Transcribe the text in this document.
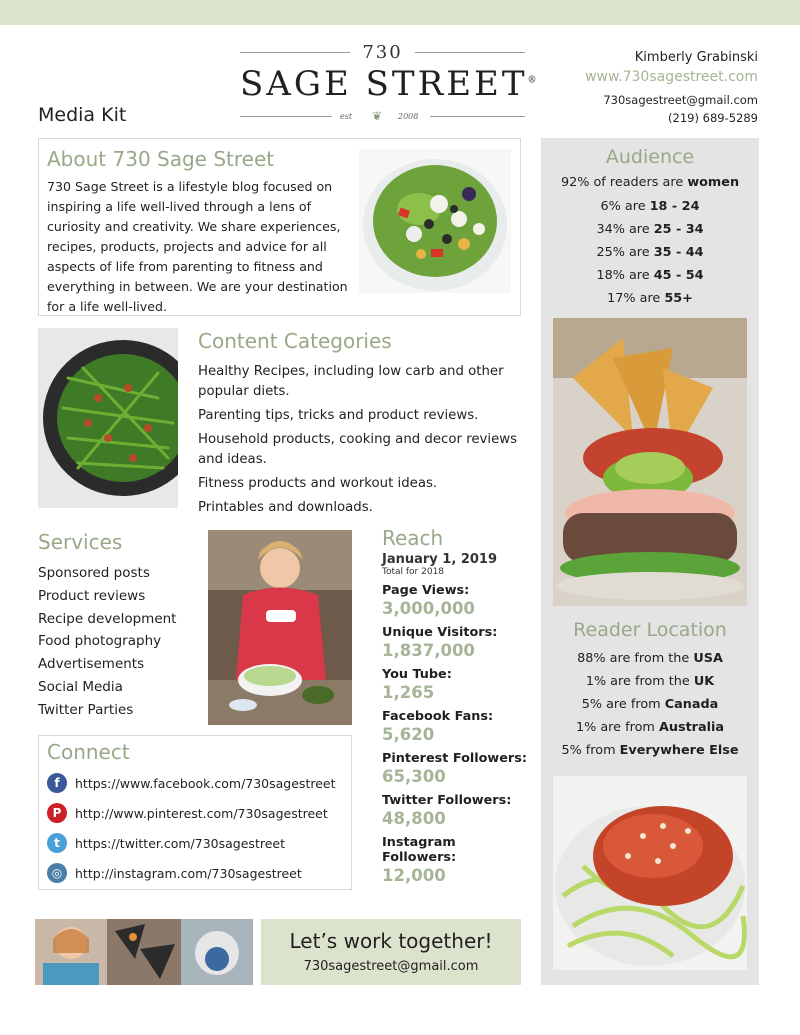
730
SAGE STREET®
est ❦ 2008
Media Kit
Kimberly Grabinski
www.730sagestreet.com
730sagestreet@gmail.com
(219) 689-5289
About 730 Sage Street

730 Sage Street is a lifestyle blog focused on inspiring a life well-lived through a lens of curiosity and creativity. We share experiences, recipes, products, projects and advice for all aspects of life from parenting to fitness and everything in between. We are your destination for a life well-lived.

Content Categories
Healthy Recipes, including low carb and other popular diets.
Parenting tips, tricks and product reviews.
Household products, cooking and decor reviews and ideas.
Fitness products and workout ideas.
Printables and downloads.
Services
Sponsored posts
Product reviews
Recipe development
Food photography
Advertisements
Social Media
Twitter Parties
Connect
f	https://www.facebook.com/730sagestreet
P	http://www.pinterest.com/730sagestreet
t	https://twitter.com/730sagestreet
◎	http://instagram.com/730sagestreet
Reach
January 1, 2019
Total for 2018
Page Views:
3,000,000
Unique Visitors:
1,837,000
You Tube:
1,265
Facebook Fans:
5,620
Pinterest Followers:
65,300
Twitter Followers:
48,800
Instagram Followers:
12,000
Audience
92% of readers are women
6% are 18 - 24
34% are 25 - 34
25% are 35 - 44
18% are 45 - 54
17% are 55+
Reader Location
88% are from the USA
1% are from the UK
5% are from Canada
1% are from Australia
5% from Everywhere Else
Let’s work together!
730sagestreet@gmail.com
